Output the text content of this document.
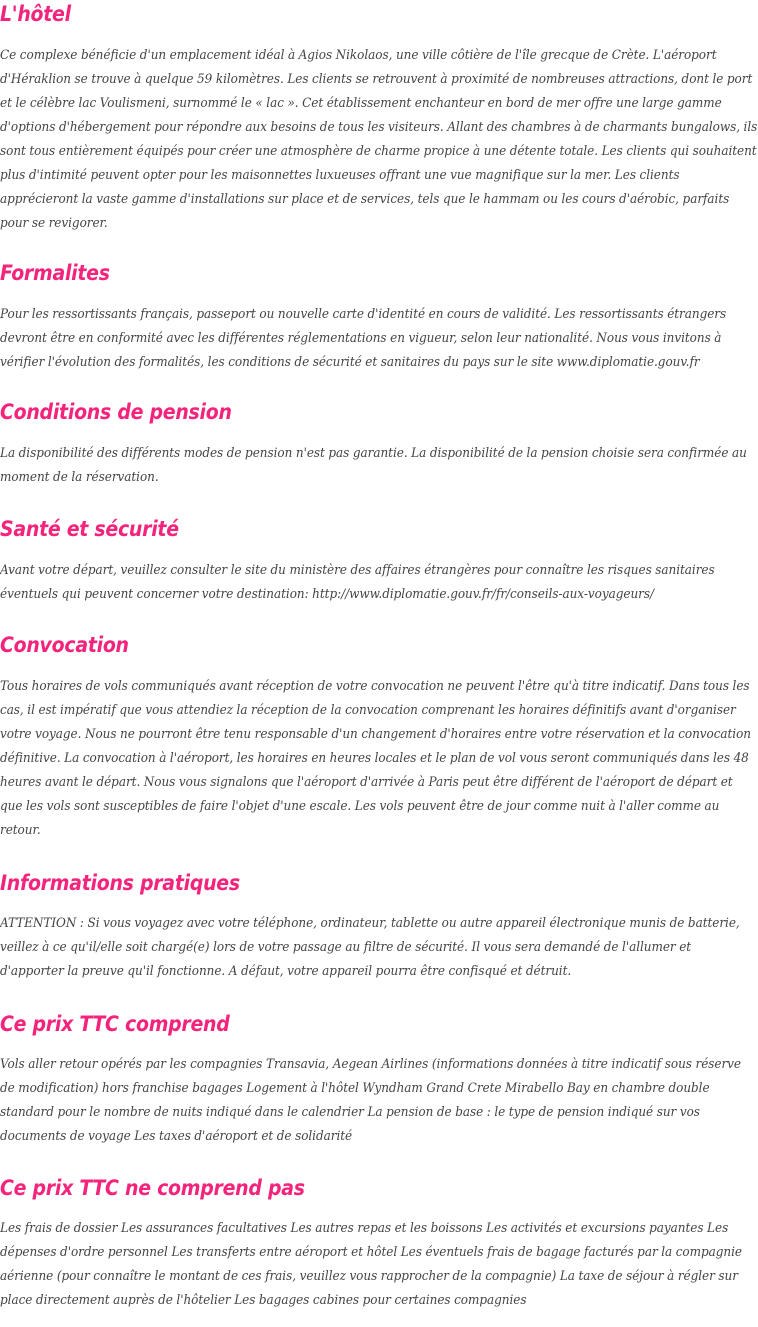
L'hôtel

Ce complexe bénéficie d'un emplacement idéal à Agios Nikolaos, une ville côtière de l'île grecque de Crète. L'aéroport d'Héraklion se trouve à quelque 59 kilomètres. Les clients se retrouvent à proximité de nombreuses attractions, dont le port et le célèbre lac Voulismeni, surnommé le « lac ». Cet établissement enchanteur en bord de mer offre une large gamme d'options d'hébergement pour répondre aux besoins de tous les visiteurs. Allant des chambres à de charmants bungalows, ils sont tous entièrement équipés pour créer une atmosphère de charme propice à une détente totale. Les clients qui souhaitent plus d'intimité peuvent opter pour les maisonnettes luxueuses offrant une vue magnifique sur la mer. Les clients apprécieront la vaste gamme d'installations sur place et de services, tels que le hammam ou les cours d'aérobic, parfaits pour se revigorer.

Formalites

Pour les ressortissants français, passeport ou nouvelle carte d'identité en cours de validité. Les ressortissants étrangers devront être en conformité avec les différentes réglementations en vigueur, selon leur nationalité. Nous vous invitons à vérifier l'évolution des formalités, les conditions de sécurité et sanitaires du pays sur le site www.diplomatie.gouv.fr

Conditions de pension

La disponibilité des différents modes de pension n'est pas garantie. La disponibilité de la pension choisie sera confirmée au moment de la réservation.

Santé et sécurité

Avant votre départ, veuillez consulter le site du ministère des affaires étrangères pour connaître les risques sanitaires éventuels qui peuvent concerner votre destination: http://www.diplomatie.gouv.fr/fr/conseils-aux-voyageurs/

Convocation

Tous horaires de vols communiqués avant réception de votre convocation ne peuvent l'être qu'à titre indicatif. Dans tous les cas, il est impératif que vous attendiez la réception de la convocation comprenant les horaires définitifs avant d'organiser votre voyage. Nous ne pourront être tenu responsable d'un changement d'horaires entre votre réservation et la convocation définitive. La convocation à l'aéroport, les horaires en heures locales et le plan de vol vous seront communiqués dans les 48 heures avant le départ. Nous vous signalons que l'aéroport d'arrivée à Paris peut être différent de l'aéroport de départ et que les vols sont susceptibles de faire l'objet d'une escale. Les vols peuvent être de jour comme nuit à l'aller comme au retour.

Informations pratiques

ATTENTION : Si vous voyagez avec votre téléphone, ordinateur, tablette ou autre appareil électronique munis de batterie, veillez à ce qu'il/elle soit chargé(e) lors de votre passage au filtre de sécurité. Il vous sera demandé de l'allumer et d'apporter la preuve qu'il fonctionne. A défaut, votre appareil pourra être confisqué et détruit.

Ce prix TTC comprend

Vols aller retour opérés par les compagnies Transavia, Aegean Airlines (informations données à titre indicatif sous réserve de modification) hors franchise bagages Logement à l'hôtel Wyndham Grand Crete Mirabello Bay en chambre double standard pour le nombre de nuits indiqué dans le calendrier La pension de base : le type de pension indiqué sur vos documents de voyage Les taxes d'aéroport et de solidarité

Ce prix TTC ne comprend pas

Les frais de dossier Les assurances facultatives Les autres repas et les boissons Les activités et excursions payantes Les dépenses d'ordre personnel Les transferts entre aéroport et hôtel Les éventuels frais de bagage facturés par la compagnie aérienne (pour connaître le montant de ces frais, veuillez vous rapprocher de la compagnie) La taxe de séjour à régler sur place directement auprès de l'hôtelier Les bagages cabines pour certaines compagnies
